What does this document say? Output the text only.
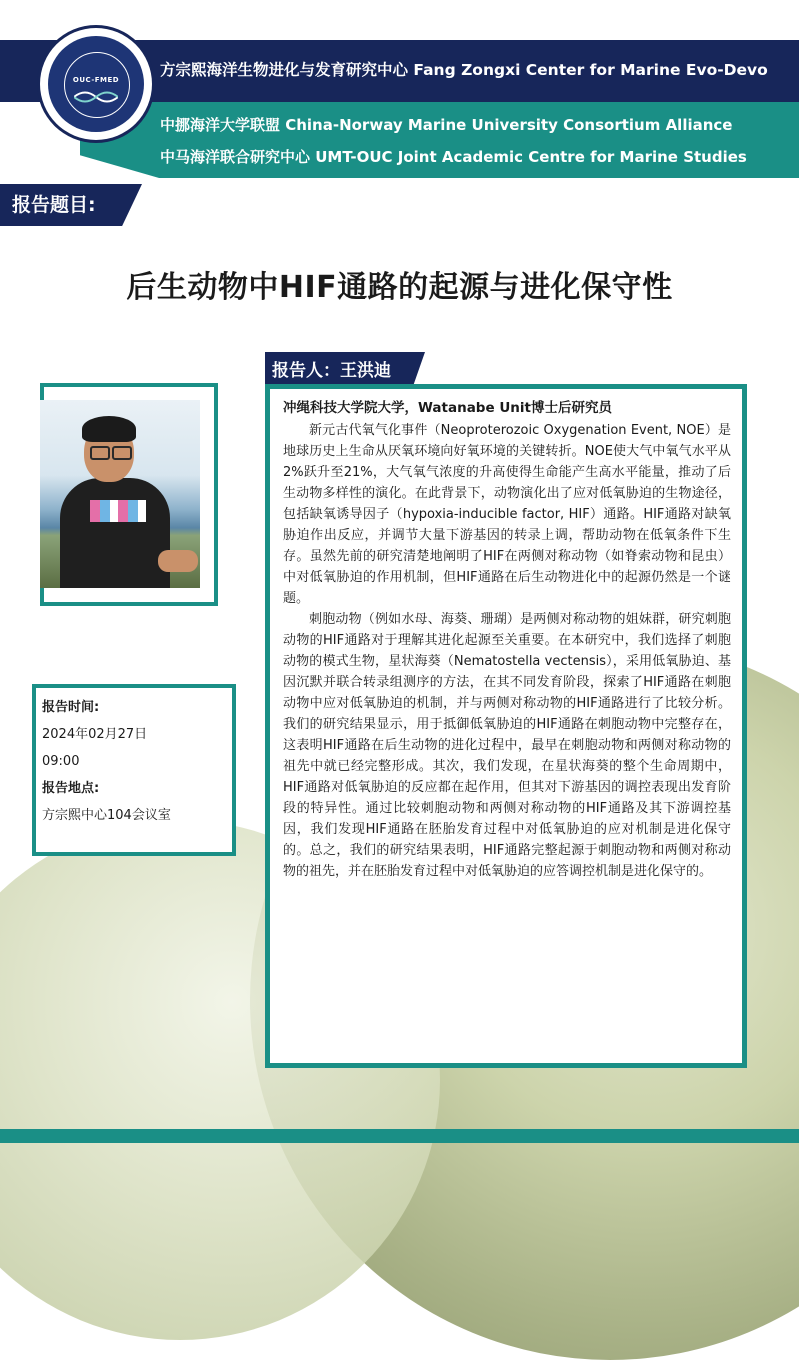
OUC-FMED
方宗熙海洋生物进化与发育研究中心 Fang Zongxi Center for Marine Evo-Devo
中挪海洋大学联盟 China-Norway Marine University Consortium Alliance
中马海洋联合研究中心 UMT-OUC Joint Academic Centre for Marine Studies
报告题目:
后生动物中HIF通路的起源与进化保守性
报告人：王洪迪
冲绳科技大学院大学，Watanabe Unit博士后研究员

新元古代氧气化事件（Neoproterozoic Oxygenation Event, NOE）是地球历史上生命从厌氧环境向好氧环境的关键转折。NOE使大气中氧气水平从2%跃升至21%，大气氧气浓度的升高使得生命能产生高水平能量，推动了后生动物多样性的演化。在此背景下，动物演化出了应对低氧胁迫的生物途径，包括缺氧诱导因子（hypoxia-inducible factor, HIF）通路。HIF通路对缺氧胁迫作出反应，并调节大量下游基因的转录上调，帮助动物在低氧条件下生存。虽然先前的研究清楚地阐明了HIF在两侧对称动物（如脊索动物和昆虫）中对低氧胁迫的作用机制，但HIF通路在后生动物进化中的起源仍然是一个谜题。

刺胞动物（例如水母、海葵、珊瑚）是两侧对称动物的姐妹群，研究刺胞动物的HIF通路对于理解其进化起源至关重要。在本研究中，我们选择了刺胞动物的模式生物，星状海葵（Nematostella vectensis），采用低氧胁迫、基因沉默并联合转录组测序的方法，在其不同发育阶段，探索了HIF通路在刺胞动物中应对低氧胁迫的机制，并与两侧对称动物的HIF通路进行了比较分析。我们的研究结果显示，用于抵御低氧胁迫的HIF通路在刺胞动物中完整存在，这表明HIF通路在后生动物的进化过程中，最早在刺胞动物和两侧对称动物的祖先中就已经完整形成。其次，我们发现，在星状海葵的整个生命周期中，HIF通路对低氧胁迫的反应都在起作用，但其对下游基因的调控表现出发育阶段的特异性。通过比较刺胞动物和两侧对称动物的HIF通路及其下游调控基因，我们发现HIF通路在胚胎发育过程中对低氧胁迫的应对机制是进化保守的。总之，我们的研究结果表明，HIF通路完整起源于刺胞动物和两侧对称动物的祖先，并在胚胎发育过程中对低氧胁迫的应答调控机制是进化保守的。

报告时间:
2024年02月27日
09:00
报告地点:
方宗熙中心104会议室
